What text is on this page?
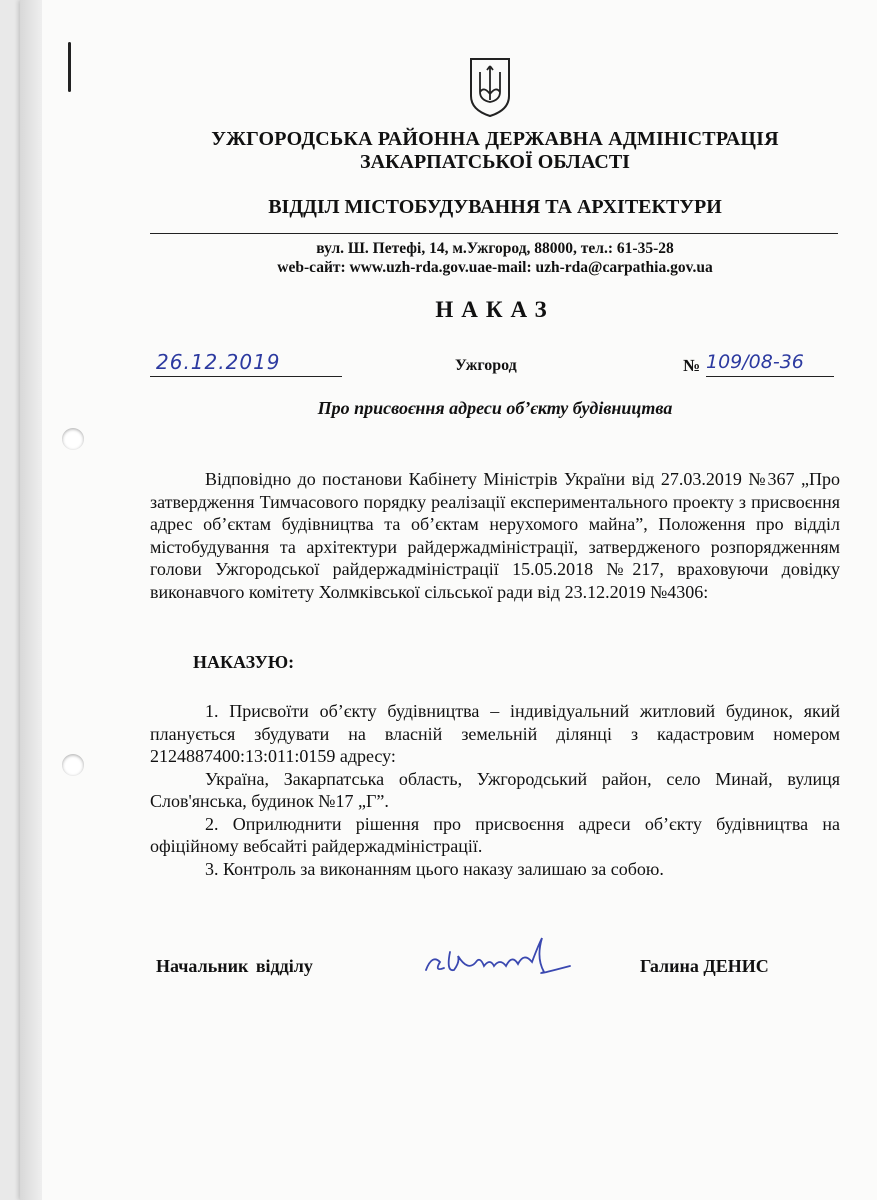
УЖГОРОДСЬКА РАЙОННА ДЕРЖАВНА АДМІНІСТРАЦІЯ
ЗАКАРПАТСЬКОЇ ОБЛАСТІ
ВІДДІЛ МІСТОБУДУВАННЯ ТА АРХІТЕКТУРИ
вул. Ш. Петефі, 14, м.Ужгород, 88000, тел.: 61-35-28
web-сайт: www.uzh-rda.gov.uae-mail: uzh-rda@carpathia.gov.ua
НАКАЗ
26.12.2019	Ужгород	№ 109/08-36
Про присвоєння адреси об’єкту будівництва
Відповідно до постанови Кабінету Міністрів України від 27.03.2019 №367 „Про затвердження Тимчасового порядку реалізації експериментального проекту з присвоєння адрес об’єктам будівництва та об’єктам нерухомого майна”, Положення про відділ містобудування та архітектури райдержадміністрації, затвердженого розпорядженням голови Ужгородської райдержадміністрації 15.05.2018 №217, враховуючи довідку виконавчого комітету Холмківської сільської ради від 23.12.2019 №4306:
НАКАЗУЮ:
1. Присвоїти об’єкту будівництва – індивідуальний житловий будинок, який планується збудувати на власній земельній ділянці з кадастровим номером 2124887400:13:011:0159 адресу:
Україна, Закарпатська область, Ужгородський район, село Минай, вулиця Слов'янська, будинок №17 „Г”.
2. Оприлюднити рішення про присвоєння адреси об’єкту будівництва на офіційному вебсайті райдержадміністрації.
3. Контроль за виконанням цього наказу залишаю за собою.
Начальник відділу	Галина ДЕНИС
